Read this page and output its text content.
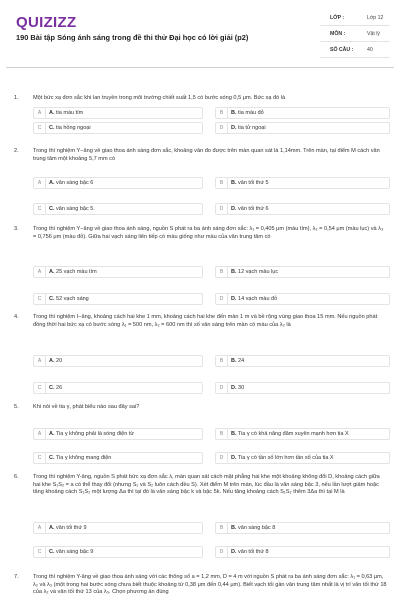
QUIZIZZ
190 Bài tập Sóng ánh sáng trong đề thi thử Đại học có lời giải (p2)
LỚP :	Lớp 12
MÔN :	Vật lý
SỐ CÂU :	40
1.	Một bức xạ đơn sắc khi lan truyền trong môi trường chiết suất 1,5 có bước sóng 0,5 μm. Bức xạ đó là
A	A. tia màu tím	B	B. tia màu đỏ
C	C. tia hồng ngoại	D	D. tia tử ngoại
2.	Trong thí nghiệm Y−âng về giao thoa ánh sáng đơn sắc, khoảng vân đo được trên màn quan sát là 1,14mm. Trên màn, tại điểm M cách vân trung tâm một khoảng 5,7 mm có
A	A. vân sáng bậc 6	B	B. vân tối thứ 5
C	C. vân sáng bậc 5.	D	D. vân tối thứ 6
3.	Trong thí nghiệm Y−âng về giao thoa ánh sáng, nguồn S phát ra ba ánh sáng đơn sắc: λ₁ = 0,405 μm (màu tím), λ₂ = 0,54 μm (màu lục) và λ₃ = 0,756 μm (màu đỏ). Giữa hai vạch sáng liên tiếp có màu giống như màu của vân trung tâm có
A	A. 25 vạch màu tím	B	B. 12 vạch màu lục
C	C. 52 vạch sáng	D	D. 14 vạch màu đỏ
4.	Trong thí nghiệm I−âng, khoảng cách hai khe 1 mm, khoảng cách hai khe đến màn 1 m và bề rộng vùng giao thoa 15 mm. Nếu nguồn phát đồng thời hai bức xạ có bước sóng λ₁ = 500 nm, λ₂ = 600 nm thì số vân sáng trên màn có màu của λ₂ là
A	A. 20	B	B. 24
C	C. 26	D	D. 30
5.	Khi nói về tia γ, phát biểu nào sau đây sai?
A	A. Tia γ không phải là sóng điện từ	B	B. Tia γ có khả năng đâm xuyên mạnh hơn tia X
C	C. Tia γ không mang điện	D	D. Tia γ có tần số lớn hơn tần số của tia X
6.	Trong thí nghiệm Y-âng, nguồn S phát bức xạ đơn sắc λ, màn quan sát cách mặt phẳng hai khe một khoảng không đổi D, khoảng cách giữa hai khe S₁S₂ = a có thể thay đổi (nhưng S₁ và S₂ luôn cách đều S). Xét điểm M trên màn, lúc đầu là vân sáng bậc 3, nếu lần lượt giảm hoặc tăng khoảng cách S₁S₂ một lượng Δa thì tại đó là vân sáng bậc k và bậc 5k. Nếu tăng khoảng cách S₁S₂ thêm 3Δa thì tại M là
A	A. vân tối thứ 9	B	B. vân sáng bậc 8
C	C. vân sáng bậc 9	D	D. vân tối thứ 8
7.	Trong thí nghiệm Y-âng về giao thoa ánh sáng với các thông số a = 1,2 mm, D = 4 m với nguồn S phát ra ba ánh sáng đơn sắc: λ₁ = 0,63 μm, λ₂ và λ₃ (một trong hai bước sóng chưa biết thuộc khoảng từ 0,38 μm đến 0,44 μm). Biết vạch tối gần vân trung tâm nhất là vị trí vân tối thứ 18 của λ₂ và vân tối thứ 13 của λ₃. Chọn phương án đúng
